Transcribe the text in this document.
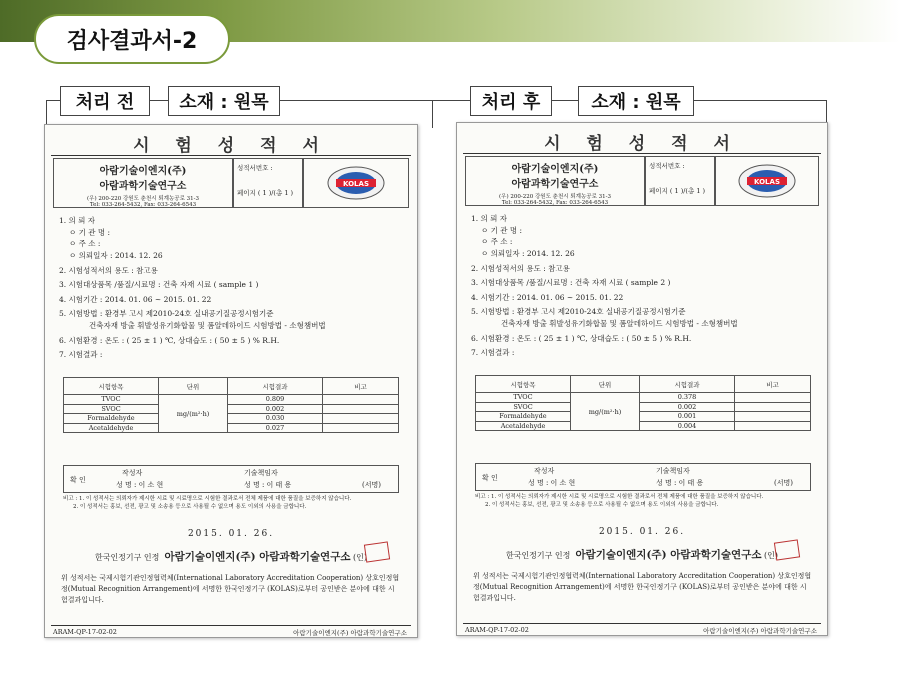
검사결과서-2
처리 전	소재 : 원목	처리 후	소재 : 원목
시 험 성 적 서
아람기술이엔지(주)
아람과학기술연구소
(우) 200-220 강원도 춘천시 퇴계농공로 31-3
Tel: 033-264-5432, Fax: 033-264-6543
성적서번호 :
페이지 ( 1 )/(총 1 )
KOLAS
1. 의 뢰 자
ㅇ 기 관 명 :
ㅇ 주 소 :
ㅇ 의뢰일자 : 2014. 12. 26
2. 시험성적서의 용도 : 참고용
3. 시험대상품목 /품질/시료명 : 건축 자재 시료 ( sample 1 )
4. 시험기간 : 2014. 01. 06 ~ 2015. 01. 22
5. 시험방법 : 환경부 고시 제2010-24호 실내공기질공정시험기준
건축자재 방출 휘발성유기화합물 및 폼알데하이드 시험방법 - 소형챔버법
6. 시험환경 : 온도 : ( 25 ± 1 ) ℃, 상대습도 : ( 50 ± 5 ) % R.H.
7. 시험결과 :
시험항목	단위	시험결과	비고
TVOC	mg/(m²·h)	0.809	
SVOC		0.002	
Formaldehyde		0.030	
Acetaldehyde		0.027	
확 인
작성자
성 명 : 이 소 현
기술책임자
성 명 : 이 태 용	(서명)
비고 : 1. 이 성적서는 의뢰자가 제시한 시료 및 시료명으로 시험한 결과로서 전체 제품에 대한 품질을 보증하지 않습니다.
2. 이 성적서는 홍보, 선전, 광고 및 소송용 등으로 사용될 수 없으며 용도 이외의 사용을 금합니다.
2015. 01. 26.
한국인정기구 인정 아람기술이엔지(주) 아람과학기술연구소 (인)
위 성적서는 국제시험기관인정협력체(International Laboratory Accreditation Cooperation) 상호인정협정(Mutual Recognition Arrangement)에 서명한 한국인정기구 (KOLAS)로부터 공인받은 분야에 대한 시험결과입니다.
ARAM-QP-17-02-02	아람기술이엔지(주) 아람과학기술연구소
시 험 성 적 서
아람기술이엔지(주)
아람과학기술연구소
(우) 200-220 강원도 춘천시 퇴계농공로 31-3
Tel: 033-264-5432, Fax: 033-264-6543
성적서번호 :
페이지 ( 1 )/(총 1 )
KOLAS
1. 의 뢰 자
ㅇ 기 관 명 :
ㅇ 주 소 :
ㅇ 의뢰일자 : 2014. 12. 26
2. 시험성적서의 용도 : 참고용
3. 시험대상품목 /품질/시료명 : 건축 자재 시료 ( sample 2 )
4. 시험기간 : 2014. 01. 06 ~ 2015. 01. 22
5. 시험방법 : 환경부 고시 제2010-24호 실내공기질공정시험기준
건축자재 방출 휘발성유기화합물 및 폼알데하이드 시험방법 - 소형챔버법
6. 시험환경 : 온도 : ( 25 ± 1 ) ℃, 상대습도 : ( 50 ± 5 ) % R.H.
7. 시험결과 :
시험항목	단위	시험결과	비고
TVOC	mg/(m²·h)	0.378	
SVOC		0.002	
Formaldehyde		0.001	
Acetaldehyde		0.004	
확 인
작성자
성 명 : 이 소 현
기술책임자
성 명 : 이 태 용	(서명)
비고 : 1. 이 성적서는 의뢰자가 제시한 시료 및 시료명으로 시험한 결과로서 전체 제품에 대한 품질을 보증하지 않습니다.
2. 이 성적서는 홍보, 선전, 광고 및 소송용 등으로 사용될 수 없으며 용도 이외의 사용을 금합니다.
2015. 01. 26.
한국인정기구 인정 아람기술이엔지(주) 아람과학기술연구소 (인)
위 성적서는 국제시험기관인정협력체(International Laboratory Accreditation Cooperation) 상호인정협정(Mutual Recognition Arrangement)에 서명한 한국인정기구 (KOLAS)로부터 공인받은 분야에 대한 시험결과입니다.
ARAM-QP-17-02-02	아람기술이엔지(주) 아람과학기술연구소
